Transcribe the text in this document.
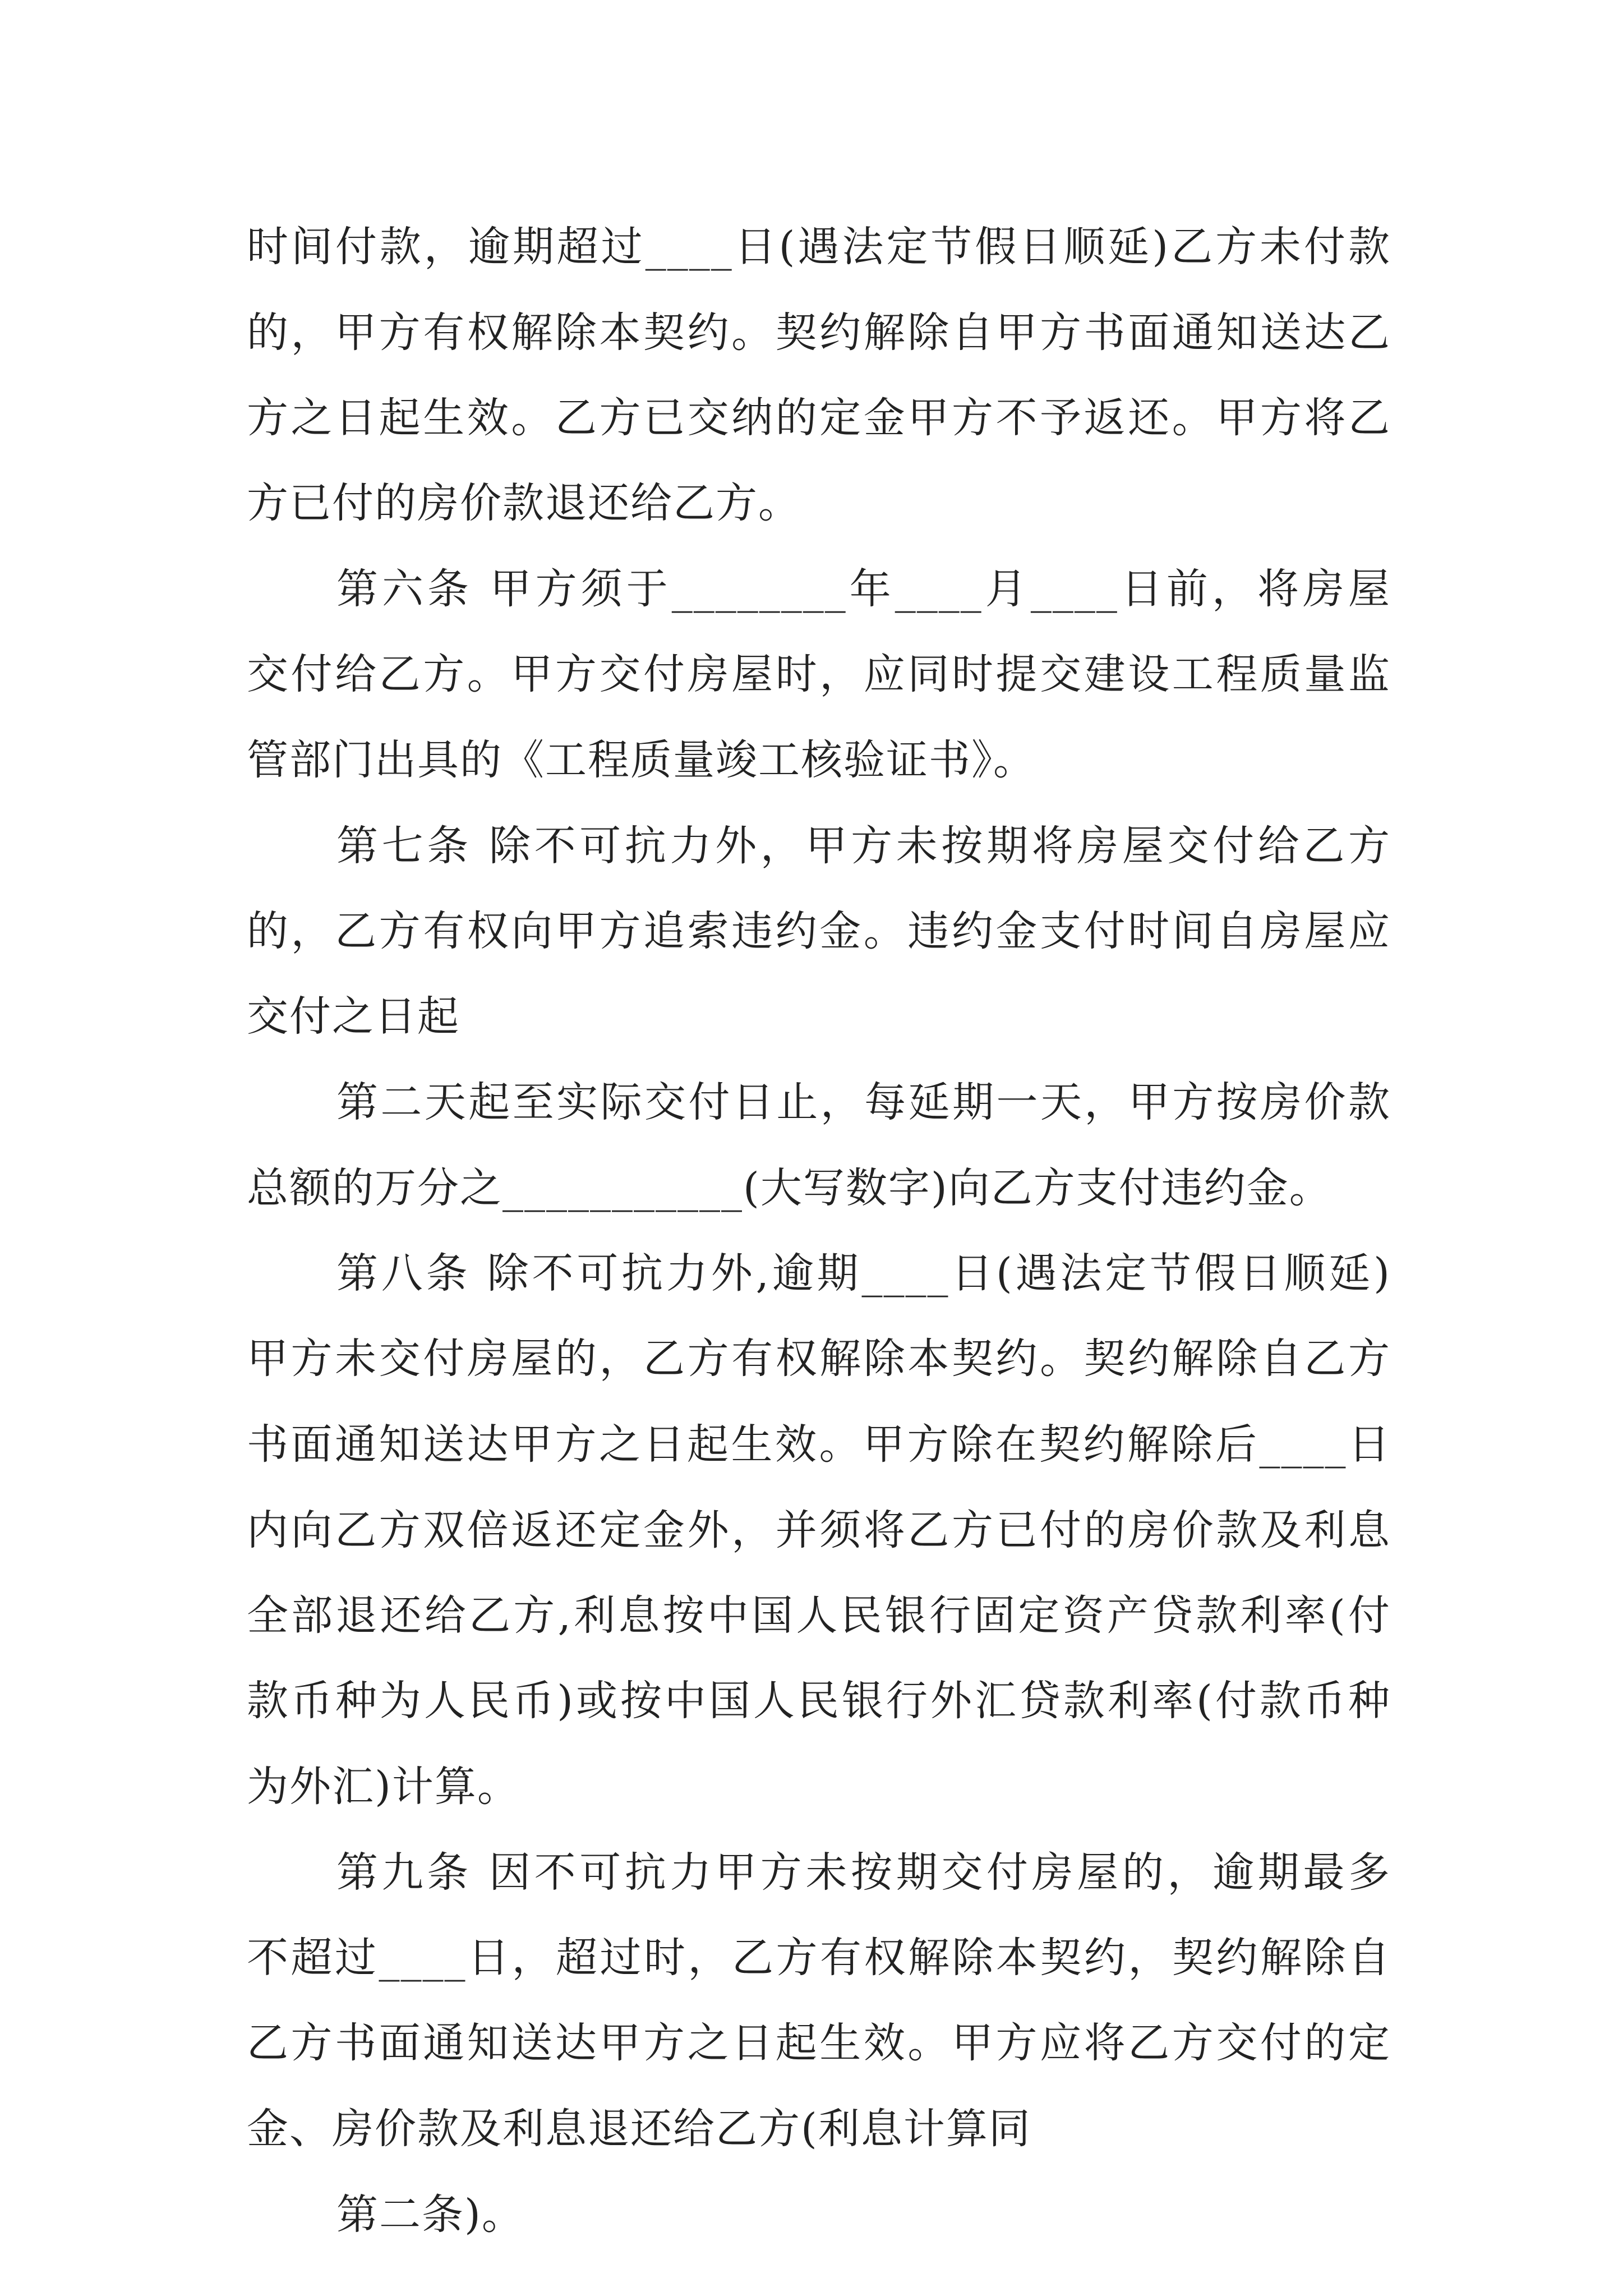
时间付款，逾期超过____日(遇法定节假日顺延)乙方未付款
的，甲方有权解除本契约。契约解除自甲方书面通知送达乙
方之日起生效。乙方已交纳的定金甲方不予返还。甲方将乙
方已付的房价款退还给乙方。
第六条 甲方须于________年____月____日前，将房屋
交付给乙方。甲方交付房屋时，应同时提交建设工程质量监
管部门出具的《工程质量竣工核验证书》。
第七条 除不可抗力外，甲方未按期将房屋交付给乙方
的，乙方有权向甲方追索违约金。违约金支付时间自房屋应
交付之日起
第二天起至实际交付日止，每延期一天，甲方按房价款
总额的万分之___________(大写数字)向乙方支付违约金。
第八条 除不可抗力外,逾期____日(遇法定节假日顺延)
甲方未交付房屋的，乙方有权解除本契约。契约解除自乙方
书面通知送达甲方之日起生效。甲方除在契约解除后____日
内向乙方双倍返还定金外，并须将乙方已付的房价款及利息
全部退还给乙方,利息按中国人民银行固定资产贷款利率(付
款币种为人民币)或按中国人民银行外汇贷款利率(付款币种
为外汇)计算。
第九条 因不可抗力甲方未按期交付房屋的，逾期最多
不超过____日，超过时，乙方有权解除本契约，契约解除自
乙方书面通知送达甲方之日起生效。甲方应将乙方交付的定
金、房价款及利息退还给乙方(利息计算同
第二条)。
